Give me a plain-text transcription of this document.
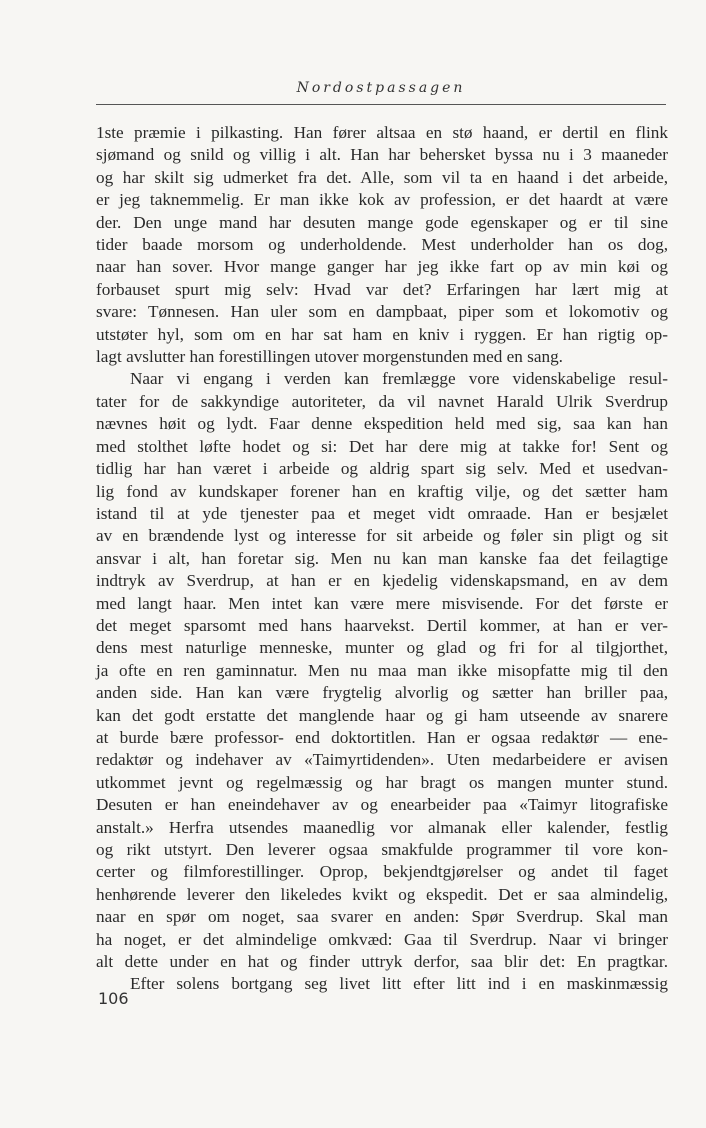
Nordostpassagen
1ste præmie i pilkasting. Han fører altsaa en stø haand, er dertil en flink
sjømand og snild og villig i alt. Han har behersket byssa nu i 3 maaneder
og har skilt sig udmerket fra det. Alle, som vil ta en haand i det arbeide,
er jeg taknemmelig. Er man ikke kok av profession, er det haardt at være
der. Den unge mand har desuten mange gode egenskaper og er til sine
tider baade morsom og underholdende. Mest underholder han os dog,
naar han sover. Hvor mange ganger har jeg ikke fart op av min køi og
forbauset spurt mig selv: Hvad var det? Erfaringen har lært mig at
svare: Tønnesen. Han uler som en dampbaat, piper som et lokomotiv og
utstøter hyl, som om en har sat ham en kniv i ryggen. Er han rigtig op-
lagt avslutter han forestillingen utover morgenstunden med en sang.
Naar vi engang i verden kan fremlægge vore videnskabelige resul-
tater for de sakkyndige autoriteter, da vil navnet Harald Ulrik Sverdrup
nævnes høit og lydt. Faar denne ekspedition held med sig, saa kan han
med stolthet løfte hodet og si: Det har dere mig at takke for! Sent og
tidlig har han været i arbeide og aldrig spart sig selv. Med et usedvan-
lig fond av kundskaper forener han en kraftig vilje, og det sætter ham
istand til at yde tjenester paa et meget vidt omraade. Han er besjælet
av en brændende lyst og interesse for sit arbeide og føler sin pligt og sit
ansvar i alt, han foretar sig. Men nu kan man kanske faa det feilagtige
indtryk av Sverdrup, at han er en kjedelig videnskapsmand, en av dem
med langt haar. Men intet kan være mere misvisende. For det første er
det meget sparsomt med hans haarvekst. Dertil kommer, at han er ver-
dens mest naturlige menneske, munter og glad og fri for al tilgjorthet,
ja ofte en ren gaminnatur. Men nu maa man ikke misopfatte mig til den
anden side. Han kan være frygtelig alvorlig og sætter han briller paa,
kan det godt erstatte det manglende haar og gi ham utseende av snarere
at burde bære professor- end doktortitlen. Han er ogsaa redaktør — ene-
redaktør og indehaver av «Taimyrtidenden». Uten medarbeidere er avisen
utkommet jevnt og regelmæssig og har bragt os mangen munter stund.
Desuten er han eneindehaver av og enearbeider paa «Taimyr litografiske
anstalt.» Herfra utsendes maanedlig vor almanak eller kalender, festlig
og rikt utstyrt. Den leverer ogsaa smakfulde programmer til vore kon-
certer og filmforestillinger. Oprop, bekjendtgjørelser og andet til faget
henhørende leverer den likeledes kvikt og ekspedit. Det er saa almindelig,
naar en spør om noget, saa svarer en anden: Spør Sverdrup. Skal man
ha noget, er det almindelige omkvæd: Gaa til Sverdrup. Naar vi bringer
alt dette under en hat og finder uttryk derfor, saa blir det: En pragtkar.
Efter solens bortgang seg livet litt efter litt ind i en maskinmæssig
106
